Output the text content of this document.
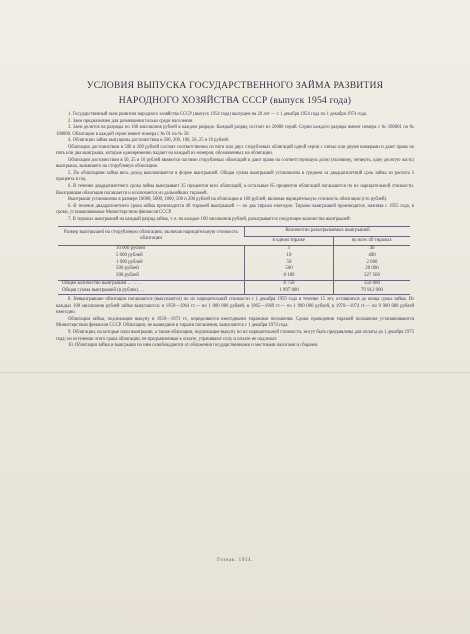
УСЛОВИЯ ВЫПУСКА ГОСУДАРСТВЕННОГО ЗАЙМА РАЗВИТИЯ

НАРОДНОГО ХОЗЯЙСТВА СССР (выпуск 1954 года)

1. Государственный заем развития народного хозяйства СССР (выпуск 1954 года) выпущен на 20 лет — с 1 декабря 1954 года по 1 декабря 1974 года.

2. Заем предназначен для размещения только среди населения.

3. Заем делится на разряды по 100 миллионов рублей в каждом разряде. Каждый разряд состоит из 20000 серий. Серии каждого разряда имеют номера с № 160001 по № 180000. Облигации в каждой серии имеют номера с № 01 по № 50.

4. Облигации займа выпущены достоинством в 500, 200, 100, 50, 25 и 10 рублей.

Облигации достоинством в 500 и 200 рублей состоят соответственно из пяти или двух сторублевых облигаций одной серии с пятью или двумя номерами и дают право на пять или два выигрыша, которые одновременно падают на каждый из номеров, обозначенных на облигации.

Облигации достоинством в 50, 25 и 10 рублей являются частями сторублевых облигаций и дают право на соответствующую долю (половину, четверть, одну десятую часть) выигрыша, выпавшего на сторублевую облигацию.

5. По облигациям займа весь доход выплачивается в форме выигрышей. Общая сумма выигрышей установлена в среднем за двадцатилетний срок займа из расчета 3 процента в год.

6. В течение двадцатилетнего срока займа выигрывает 35 процентов всех облигаций, а остальные 65 процентов облигаций погашаются по их нарицательной стоимости. Выигравшая облигация погашается и исключается из дальнейших тиражей.

Выигрыши установлены в размере 10000, 5000, 1000, 500 и 200 рублей на облигацию в 100 рублей, включая нарицательную стоимость облигации (сто рублей).

6. В течение двадцатилетнего срока займа производится 40 тиражей выигрышей — по два тиража ежегодно. Тиражи выигрышей производятся, начиная с 1955 года, в сроки, устанавливаемые Министерством финансов СССР.

7. В тиражах выигрышей на каждый разряд займа, т. е. на каждые 100 миллионов рублей, разыгрывается следующее количество выигрышей:

Размер выигрышей на сторублевую облигацию, включая нарицательную стоимость облигации	Количество разыгрываемых выигрышей	
	в одном тираже	во всех 40 тиражах
10 000 рублей	1	40
5 000 рублей	10	400
1 000 рублей	50	2 000
500 рублей	500	20 000
200 рублей	8 189	327 560
Общее количество выигрышей . . . . . .	8 750	350 000
Общая сумма выигрышей (в рублях). . . .	1 997 800	79 912 000

8. Невыигравшие облигации погашаются (выкупаются) по их нарицательной стоимости с 1 декабря 1959 года в течение 15 лет, оставшихся до конца срока займа. Из каждых 100 миллионов рублей займа выкупаются: в 1959—1964 гг.— по 1 000 000 рублей, в 1965—1969 гг.— по 1 900 000 рублей, в 1970—1974 гг.— по 9 900 000 рублей ежегодно.

Облигации займа, подлежащие выкупу в 1959—1973 гг., определяются ежегодными тиражами погашения. Сроки проведения тиражей погашения устанавливаются Министерством финансов СССР. Облигации, не вышедшие в тиражи погашения, выкупаются с 1 декабря 1974 года.

9. Облигации, на которые пали выигрыши, а также облигации, подлежащие выкупу по их нарицательной стоимости, могут быть предъявлены для оплаты до 1 декабря 1975 года; по истечении этого срока облигации, не предъявленные к оплате, утрачивают силу и оплате не подлежат.

10. Облигации займа и выигрыши по ним освобождаются от обложения государственными и местными налогами и сборами.

Гознак. 1954.
